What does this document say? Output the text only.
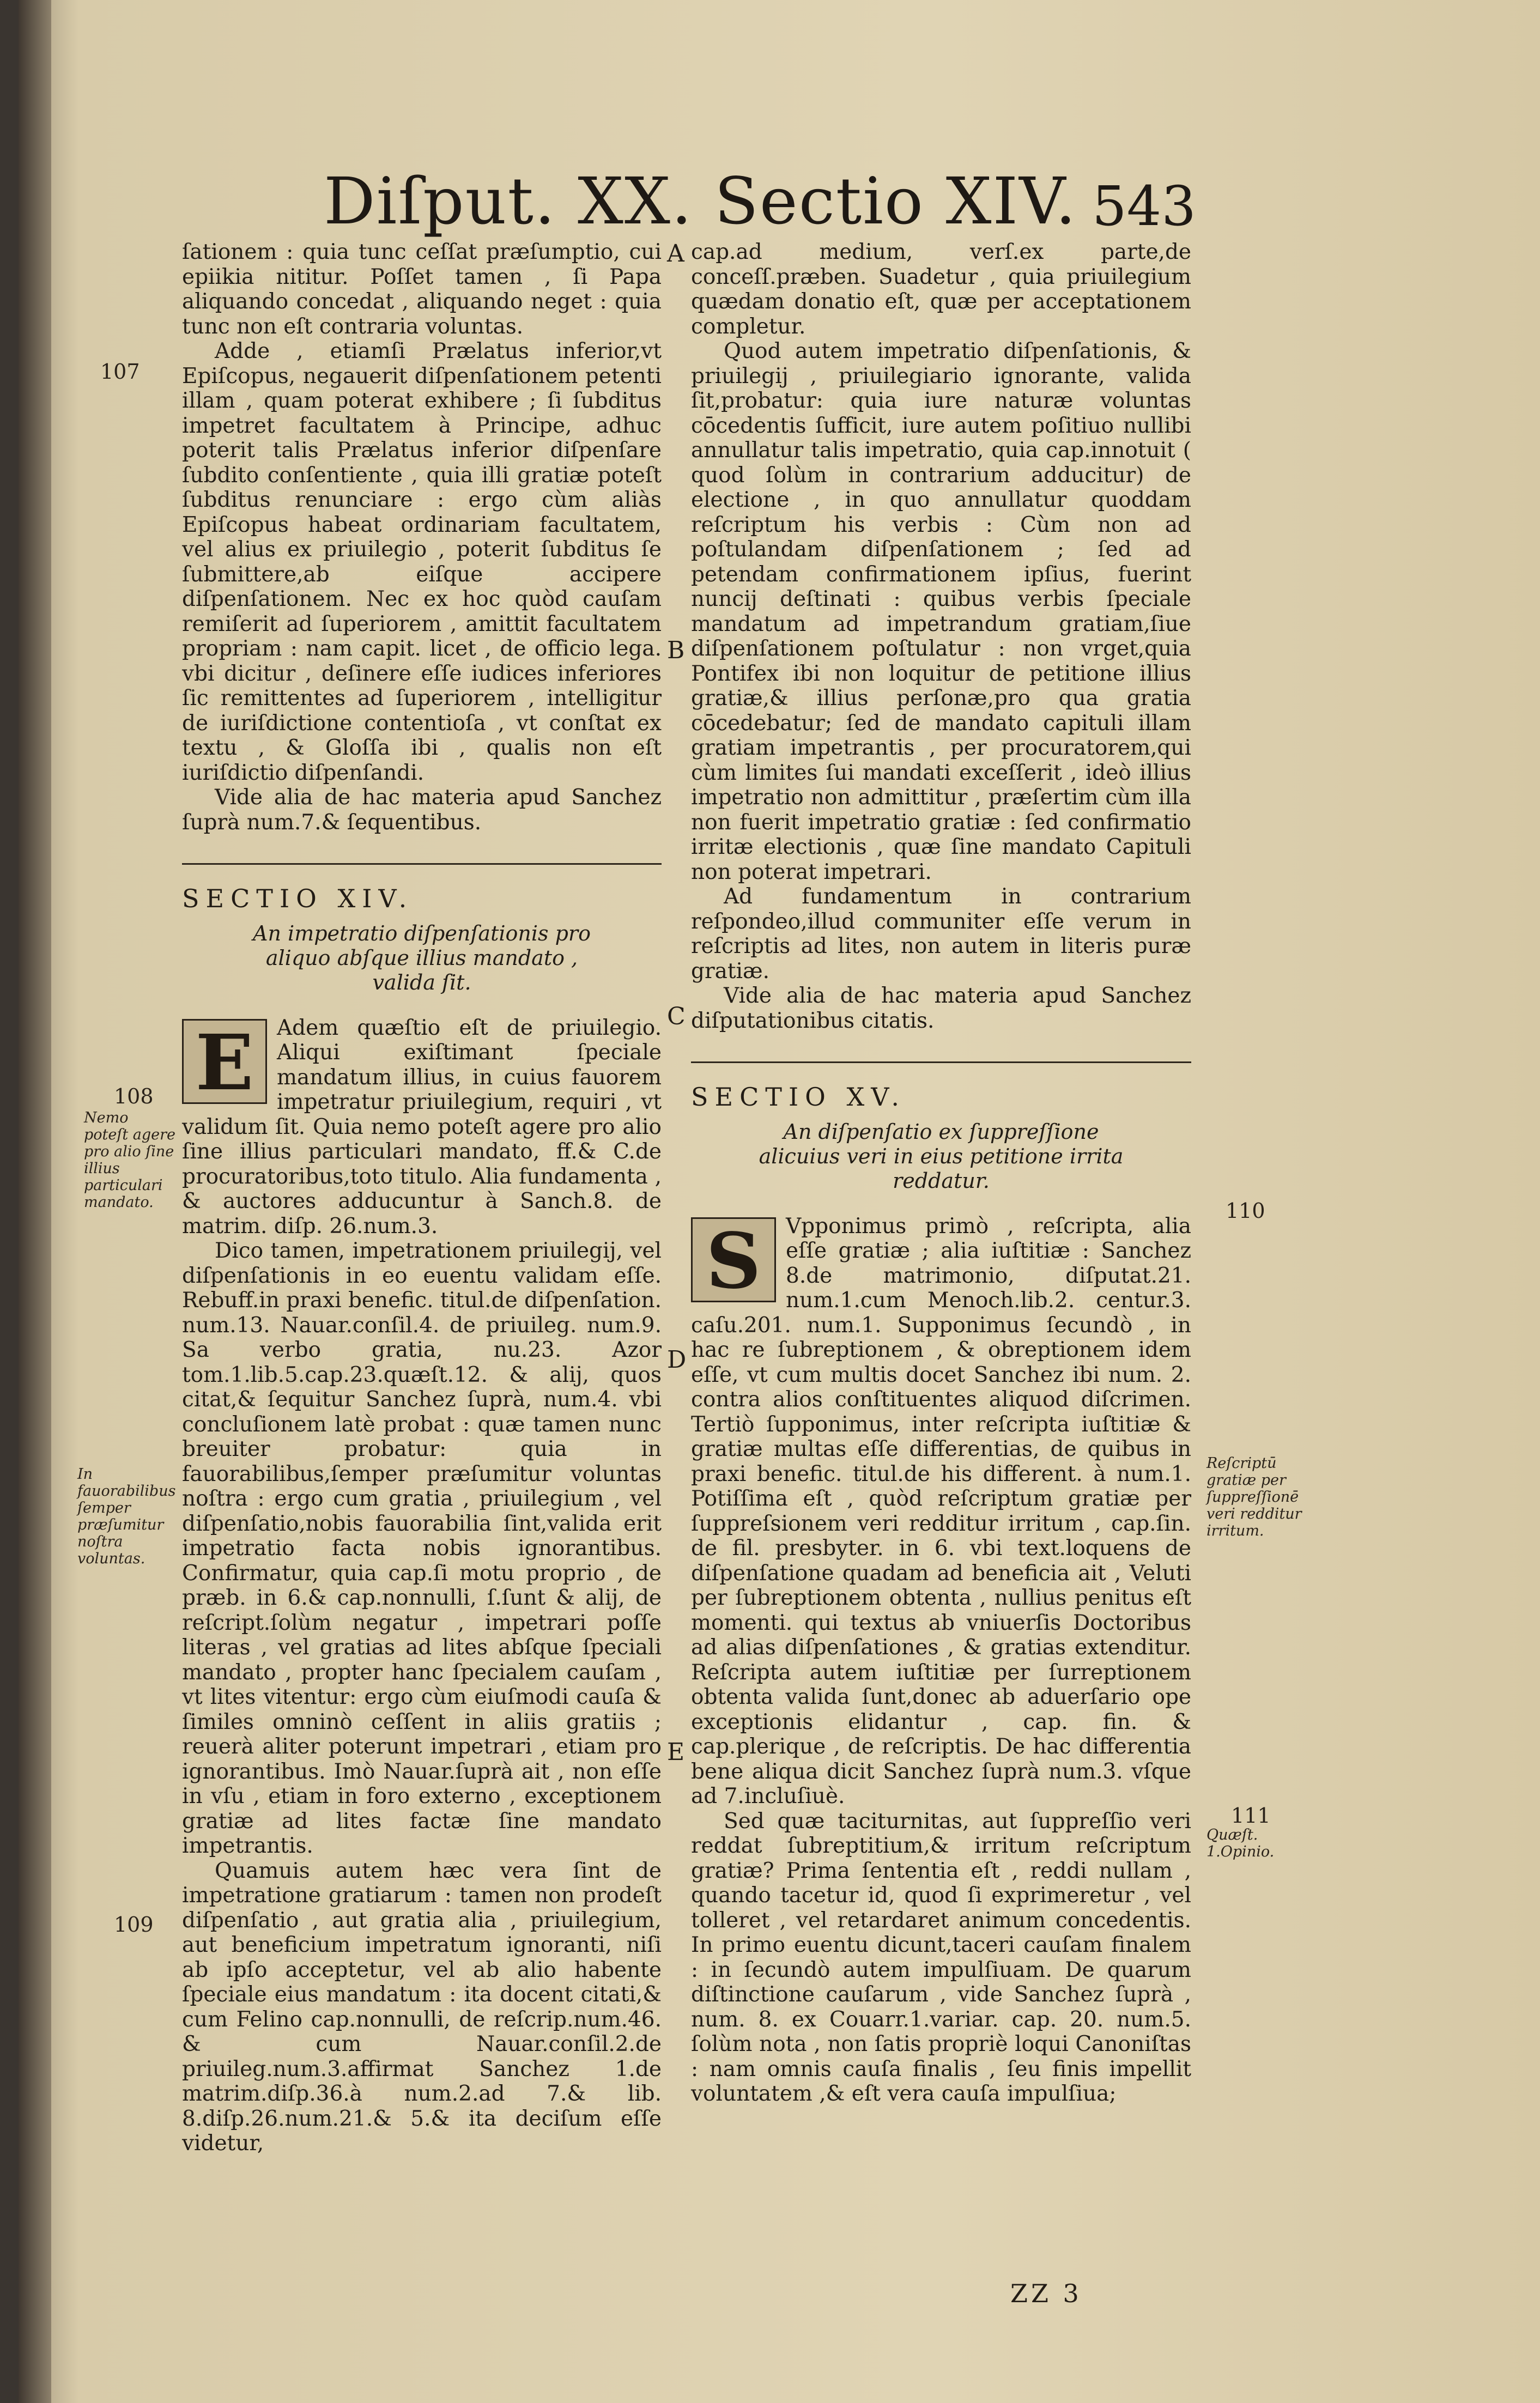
Diſput. XX. Sectio XIV. 543

ſationem : quia tunc ceſſat præſumptio, cui epiikia nititur. Poſſet tamen , ſi Papa aliquando concedat , aliquando neget : quia tunc non eſt contraria voluntas.

Adde , etiamſi Prælatus inferior,vt Epiſcopus, negauerit diſpenſationem petenti illam , quam poterat exhibere ; ſi ſubditus impetret facultatem à Principe, adhuc poterit talis Prælatus inferior diſpenſare ſubdito conſentiente , quia illi gratiæ poteſt ſubditus renunciare : ergo cùm aliàs Epiſcopus habeat ordinariam facultatem, vel alius ex priuilegio , poterit ſubditus ſe ſubmittere,ab eiſque accipere diſpenſationem. Nec ex hoc quòd cauſam remiſerit ad ſuperiorem , amittit facultatem propriam : nam capit. licet , de officio lega. vbi dicitur , deſinere eſſe iudices inferiores ſic remittentes ad ſuperiorem , intelligitur de iuriſdictione contentioſa , vt conſtat ex textu , & Gloſſa ibi , qualis non eſt iuriſdictio diſpenſandi.

Vide alia de hac materia apud Sanchez ſuprà num.7.& ſequentibus.

SECTIO XIV.

An impetratio diſpenſationis pro aliquo abſque illius mandato , valida ſit.

E	Adem quæſtio eſt de priuilegio. Aliqui exiſtimant ſpeciale mandatum illius, in cuius fauorem impetratur priuilegium, requiri , vt validum ſit. Quia nemo poteſt agere pro alio ſine illius particulari mandato, ff.& C.de procuratoribus,toto titulo. Alia fundamenta , & auctores adducuntur à Sanch.8. de matrim. diſp. 26.num.3.

Dico tamen, impetrationem priuilegij, vel diſpenſationis in eo euentu validam eſſe. Rebuff.in praxi benefic. titul.de diſpenſation. num.13. Nauar.conſil.4. de priuileg. num.9. Sa verbo gratia, nu.23. Azor tom.1.lib.5.cap.23.quæſt.12. & alij, quos citat,& ſequitur Sanchez ſuprà, num.4. vbi concluſionem latè probat : quæ tamen nunc breuiter probatur: quia in fauorabilibus,ſemper præſumitur voluntas noſtra : ergo cum gratia , priuilegium , vel diſpenſatio,nobis fauorabilia ſint,valida erit impetratio facta nobis ignorantibus. Confirmatur, quia cap.ſi motu proprio , de præb. in 6.& cap.nonnulli, ſ.ſunt & alij, de reſcript.ſolùm negatur , impetrari poſſe literas , vel gratias ad lites abſque ſpeciali mandato , propter hanc ſpecialem cauſam , vt lites vitentur: ergo cùm eiuſmodi cauſa & ſimiles omninò ceſſent in aliis gratiis ; reuerà aliter poterunt impetrari , etiam pro ignorantibus. Imò Nauar.ſuprà ait , non eſſe in vſu , etiam in foro externo , exceptionem gratiæ ad lites factæ ſine mandato impetrantis.

Quamuis autem hæc vera ſint de impetratione gratiarum : tamen non prodeſt diſpenſatio , aut gratia alia , priuilegium, aut beneficium impetratum ignoranti, niſi ab ipſo acceptetur, vel ab alio habente ſpeciale eius mandatum : ita docent citati,& cum Felino cap.nonnulli, de reſcrip.num.46. & cum Nauar.conſil.2.de priuileg.num.3.affirmat Sanchez 1.de matrim.diſp.36.à num.2.ad 7.& lib. 8.diſp.26.num.21.& 5.& ita deciſum eſſe videtur,

cap.ad medium, verſ.ex parte,de conceſſ.præben. Suadetur , quia priuilegium quædam donatio eſt, quæ per acceptationem completur.

Quod autem impetratio diſpenſationis, & priuilegij , priuilegiario ignorante, valida ſit,probatur: quia iure naturæ voluntas cōcedentis ſufficit, iure autem poſitiuo nullibi annullatur talis impetratio, quia cap.innotuit ( quod ſolùm in contrarium adducitur) de electione , in quo annullatur quoddam reſcriptum his verbis : Cùm non ad poſtulandam diſpenſationem ; ſed ad petendam confirmationem ipſius, fuerint nuncij deſtinati : quibus verbis ſpeciale mandatum ad impetrandum gratiam,ſiue diſpenſationem poſtulatur : non vrget,quia Pontifex ibi non loquitur de petitione illius gratiæ,& illius perſonæ,pro qua gratia cōcedebatur; ſed de mandato capituli illam gratiam impetrantis , per procuratorem,qui cùm limites ſui mandati exceſſerit , ideò illius impetratio non admittitur , præſertim cùm illa non fuerit impetratio gratiæ : ſed confirmatio irritæ electionis , quæ ſine mandato Capituli non poterat impetrari.

Ad fundamentum in contrarium reſpondeo,illud communiter eſſe verum in reſcriptis ad lites, non autem in literis puræ gratiæ.

Vide alia de hac materia apud Sanchez diſputationibus citatis.

SECTIO XV.

An diſpenſatio ex ſuppreſſione alicuius veri in eius petitione irrita reddatur.

S	Vpponimus primò , reſcripta, alia eſſe gratiæ ; alia iuſtitiæ : Sanchez 8.de matrimonio, diſputat.21. num.1.cum Menoch.lib.2. centur.3. caſu.201. num.1. Supponimus ſecundò , in hac re ſubreptionem , & obreptionem idem eſſe, vt cum multis docet Sanchez ibi num. 2. contra alios conſtituentes aliquod diſcrimen. Tertiò ſupponimus, inter reſcripta iuſtitiæ & gratiæ multas eſſe differentias, de quibus in praxi benefic. titul.de his different. à num.1. Potiſſima eſt , quòd reſcriptum gratiæ per ſuppreſsionem veri redditur irritum , cap.ſin. de fil. presbyter. in 6. vbi text.loquens de diſpenſatione quadam ad beneficia ait , Veluti per ſubreptionem obtenta , nullius penitus eſt momenti. qui textus ab vniuerſis Doctoribus ad alias diſpenſationes , & gratias extenditur. Reſcripta autem iuſtitiæ per ſurreptionem obtenta valida ſunt,donec ab aduerſario ope exceptionis elidantur , cap. fin. & cap.plerique , de reſcriptis. De hac differentia bene aliqua dicit Sanchez ſuprà num.3. vſque ad 7.incluſiuè.

Sed quæ taciturnitas, aut ſuppreſſio veri reddat ſubreptitium,& irritum reſcriptum gratiæ? Prima ſententia eſt , reddi nullam , quando tacetur id, quod ſi exprimeretur , vel tolleret , vel retardaret animum concedentis. In primo euentu dicunt,taceri cauſam finalem : in ſecundò autem impulſiuam. De quarum diſtinctione cauſarum , vide Sanchez ſuprà , num. 8. ex Couarr.1.variar. cap. 20. num.5. ſolùm nota , non ſatis propriè loqui Canoniſtas : nam omnis cauſa finalis , ſeu finis impellit voluntatem ,& eſt vera cauſa impulſiua;

107
108
Nemo poteſt agere pro alio ſine illius particulari mandato.
In fauorabilibus ſemper præſumitur noſtra voluntas.
109
110
Reſcriptū gratiæ per ſuppreſſionē veri redditur irritum.
111
Quæſt. 1.Opinio.
A
B
C
D
E
ZZ 3
